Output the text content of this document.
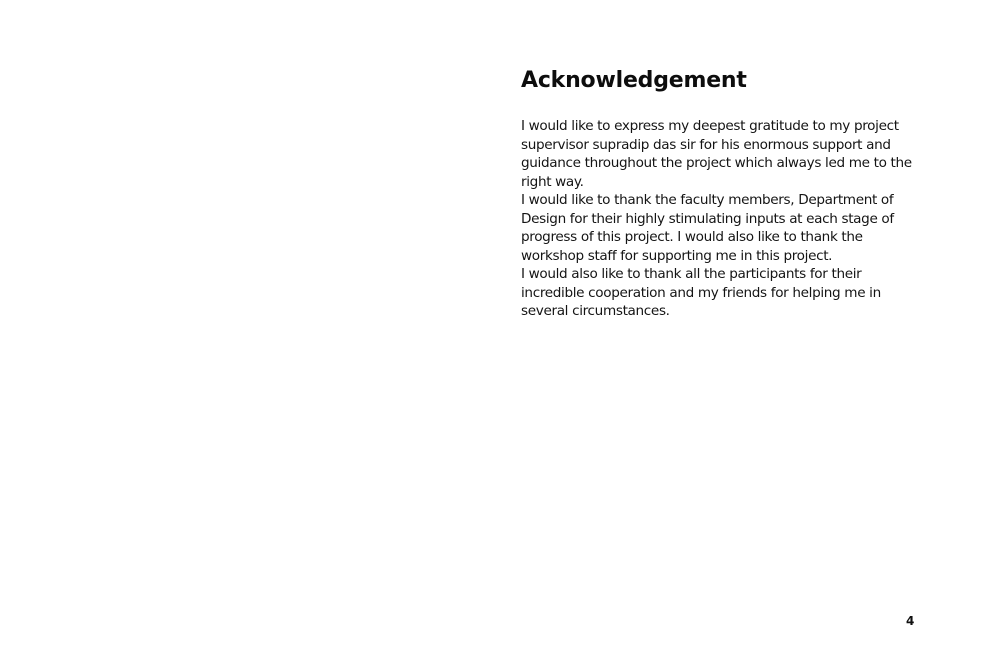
Acknowledgement

I would like to express my deepest gratitude to my project supervisor supradip das sir for his enormous support and guidance throughout the project which always led me to the right way.

I would like to thank the faculty members, Department of Design for their highly stimulating inputs at each stage of progress of this project. I would also like to thank the workshop staff for supporting me in this project.

I would also like to thank all the participants for their incredible cooperation and my friends for helping me in several circumstances.

4
